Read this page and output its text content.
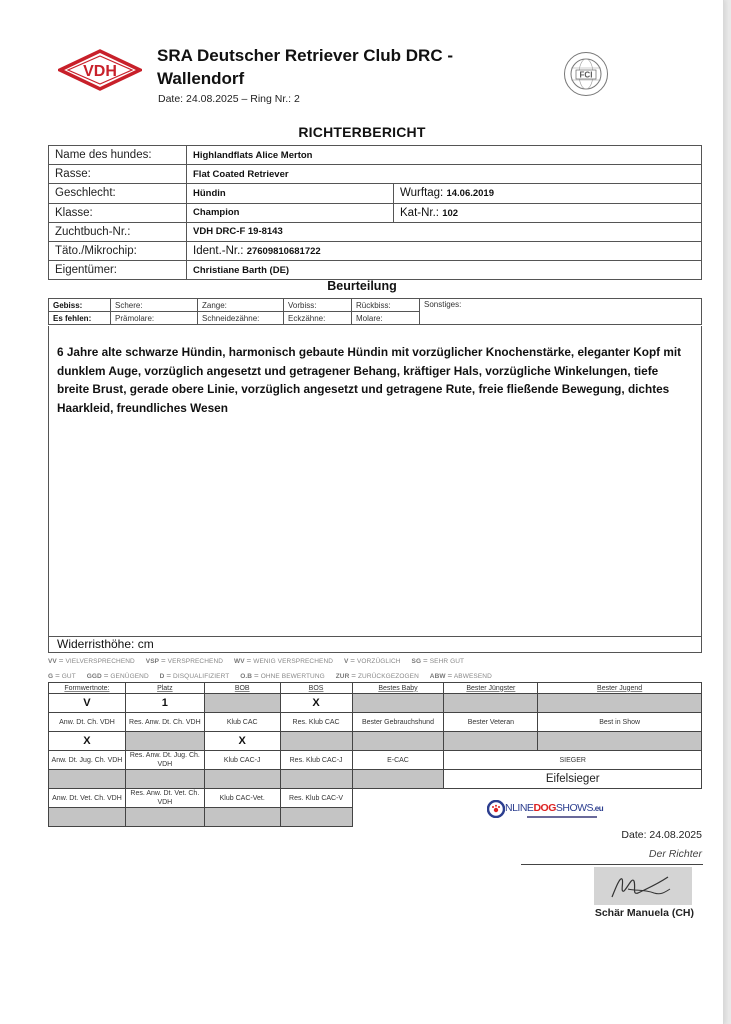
VDH
SRA Deutscher Retriever Club DRC - Wallendorf
Date: 24.08.2025 – Ring Nr.: 2
FCI
RICHTERBERICHT
Name des hundes:	Highlandflats Alice Merton	
Rasse:	Flat Coated Retriever	
Geschlecht:	Hündin	Wurftag: 14.06.2019
Klasse:	Champion	Kat-Nr.: 102
Zuchtbuch-Nr.:	VDH DRC-F 19-8143	
Täto./Mikrochip:	Ident.-Nr.: 27609810681722	
Eigentümer:	Christiane Barth (DE)	
Beurteilung
Gebiss:	Schere:	Zange:	Vorbiss:	Rückbiss:	Sonstiges:
Es fehlen:	Prämolare:	Schneidezähne:	Eckzähne:	Molare:	
6 Jahre alte schwarze Hündin, harmonisch gebaute Hündin mit vorzüglicher Knochenstärke, eleganter Kopf mit dunklem Auge, vorzüglich angesetzt und getragener Behang, kräftiger Hals, vorzügliche Winkelungen, tiefe breite Brust, gerade obere Linie, vorzüglich angesetzt und getragene Rute, freie fließende Bewegung, dichtes Haarkleid, freundliches Wesen
Widerristhöhe: cm
VV = VIELVERSPRECHEND VSP = VERSPRECHEND WV = WENIG VERSPRECHEND V = VORZÜGLICH SG = SEHR GUT
G = GUT GGD = GENÜGEND D = DISQUALIFIZIERT O.B = OHNE BEWERTUNG ZUR = ZURÜCKGEZOGEN ABW = ABWESEND
Formwertnote:	Platz	BOB	BOS	Bestes Baby	Bester Jüngster	Bester Jugend
V	1		X			
Anw. Dt. Ch. VDH	Res. Anw. Dt. Ch. VDH	Klub CAC	Res. Klub CAC	Bester Gebrauchshund	Bester Veteran	Best in Show
X		X				
Anw. Dt. Jug. Ch. VDH	Res. Anw. Dt. Jug. Ch. VDH	Klub CAC-J	Res. Klub CAC-J	E-CAC	SIEGER	
					Eifelsieger	
Anw. Dt. Vet. Ch. VDH	Res. Anw. Dt. Vet. Ch. VDH	Klub CAC-Vet.	Res. Klub CAC-V			

NLINEDOGSHOWS.eu
Date: 24.08.2025
Der Richter
Schär Manuela (CH)
